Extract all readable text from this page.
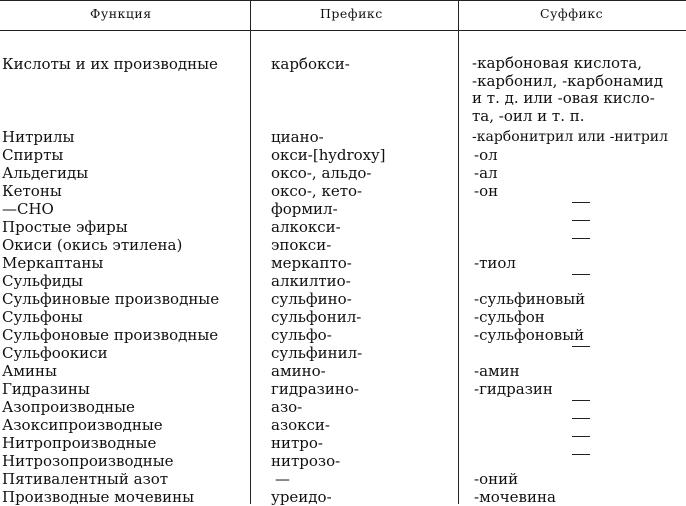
Функция	Префикс	Суффикс
Кислоты и их производные	карбокси-	-карбоновая кислота,
-карбонил, -карбонамид
и т. д. или -овая кисло-
та, -оил и т. п.
Нитрилы	циано-	-карбонитрил или -нитрил
Спирты	окси-[hydroxy]	-ол
Альдегиды	оксо-, альдо-	-ал
Кетоны	оксо-, кето-	-он
—СНО	формил-
Простые эфиры	алкокси-
Окиси (окись этилена)	эпокси-
Меркаптаны	меркапто-	-тиол
Сульфиды	алкилтио-
Сульфиновые производные	сульфино-	-сульфиновый
Сульфоны	сульфонил-	-сульфон
Сульфоновые производные	сульфо-	-сульфоновый
Сульфоокиси	сульфинил-
Амины	амино-	-амин
Гидразины	гидразино-	-гидразин
Азопроизводные	азо-
Азоксипроизводные	азокси-
Нитропроизводные	нитро-
Нитрозопроизводные	нитрозо-
Пятивалентный азот	—	-оний
Производные мочевины	уреидо-	-мочевина
